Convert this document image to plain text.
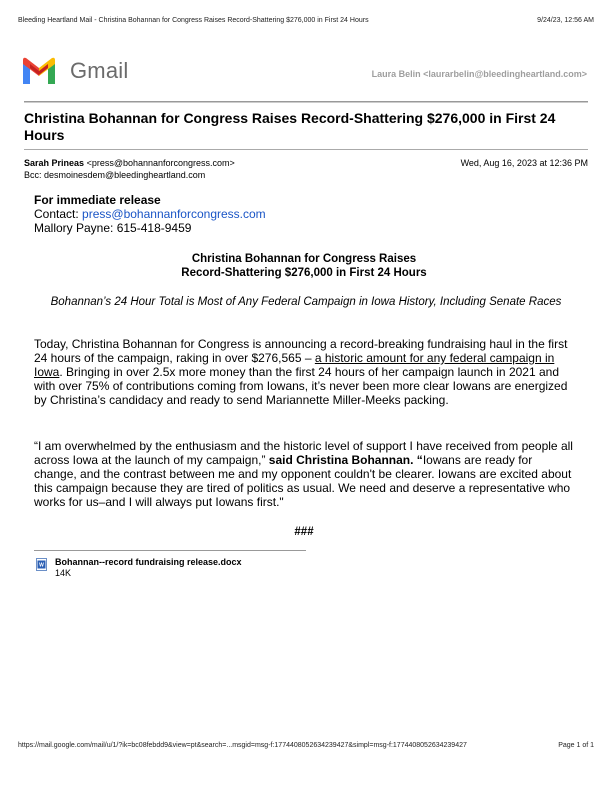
Bleeding Heartland Mail - Christina Bohannan for Congress Raises Record-Shattering $276,000 in First 24 Hours	9/24/23, 12:56 AM
Gmail	Laura Belin <laurarbelin@bleedingheartland.com>
Christina Bohannan for Congress Raises Record-Shattering $276,000 in First 24 Hours
Sarah Prineas <press@bohannanforcongress.com>	Wed, Aug 16, 2023 at 12:36 PM
Bcc: desmoinesdem@bleedingheartland.com
For immediate release
Contact: press@bohannanforcongress.com
Mallory Payne: 615-418-9459
Christina Bohannan for Congress Raises
Record-Shattering $276,000 in First 24 Hours
Bohannan’s 24 Hour Total is Most of Any Federal Campaign in Iowa History, Including Senate Races
Today, Christina Bohannan for Congress is announcing a record-breaking fundraising haul in the first 24 hours of the campaign, raking in over $276,565 – a historic amount for any federal campaign in Iowa. Bringing in over 2.5x more money than the first 24 hours of her campaign launch in 2021 and with over 75% of contributions coming from Iowans, it’s never been more clear Iowans are energized by Christina’s candidacy and ready to send Mariannette Miller-Meeks packing.
“I am overwhelmed by the enthusiasm and the historic level of support I have received from people all across Iowa at the launch of my campaign,” said Christina Bohannan. “Iowans are ready for change, and the contrast between me and my opponent couldn't be clearer. Iowans are excited about this campaign because they are tired of politics as usual. We need and deserve a representative who works for us–and I will always put Iowans first."
###
W Bohannan--record fundraising release.docx
14K
https://mail.google.com/mail/u/1/?ik=bc08febdd9&view=pt&search=...msgid=msg-f:1774408052634239427&simpl=msg-f:1774408052634239427	Page 1 of 1
